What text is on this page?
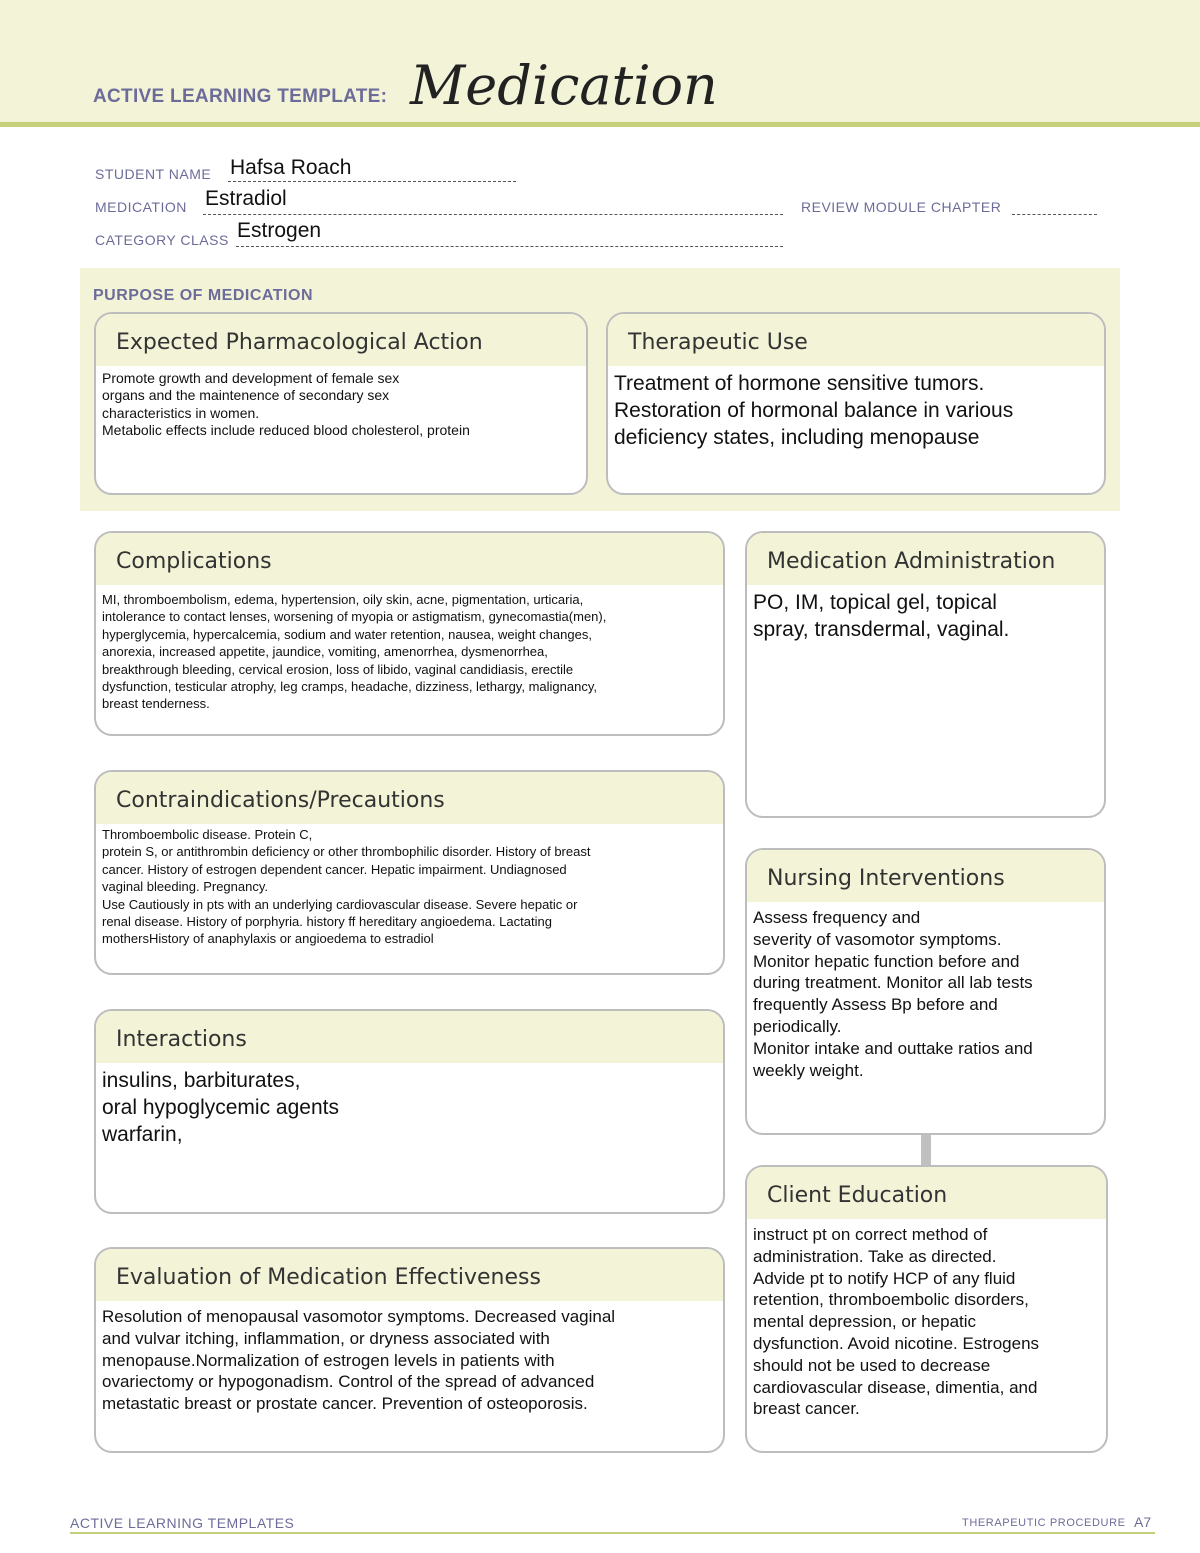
ACTIVE LEARNING TEMPLATE: Medication
STUDENT NAME Hafsa Roach
MEDICATION Estradiol	REVIEW MODULE CHAPTER
CATEGORY CLASS Estrogen
PURPOSE OF MEDICATION
Expected Pharmacological Action
Promote growth and development of female sex
organs and the maintenence of secondary sex
characteristics in women.
Metabolic effects include reduced blood cholesterol, protein
Therapeutic Use
Treatment of hormone sensitive tumors.
Restoration of hormonal balance in various
deficiency states, including menopause
Complications
MI, thromboembolism, edema, hypertension, oily skin, acne, pigmentation, urticaria,
intolerance to contact lenses, worsening of myopia or astigmatism, gynecomastia(men),
hyperglycemia, hypercalcemia, sodium and water retention, nausea, weight changes,
anorexia, increased appetite, jaundice, vomiting, amenorrhea, dysmenorrhea,
breakthrough bleeding, cervical erosion, loss of libido, vaginal candidiasis, erectile
dysfunction, testicular atrophy, leg cramps, headache, dizziness, lethargy, malignancy,
breast tenderness.
Medication Administration
PO, IM, topical gel, topical
spray, transdermal, vaginal.
Contraindications/Precautions
Thromboembolic disease. Protein C,
protein S, or antithrombin deficiency or other thrombophilic disorder. History of breast
cancer. History of estrogen dependent cancer. Hepatic impairment. Undiagnosed
vaginal bleeding. Pregnancy.
Use Cautiously in pts with an underlying cardiovascular disease. Severe hepatic or
renal disease. History of porphyria. history ff hereditary angioedema. Lactating
mothersHistory of anaphylaxis or angioedema to estradiol
Nursing Interventions
Assess frequency and
severity of vasomotor symptoms.
Monitor hepatic function before and
during treatment. Monitor all lab tests
frequently Assess Bp before and
periodically.
Monitor intake and outtake ratios and
weekly weight.
Interactions
insulins, barbiturates,
oral hypoglycemic agents
warfarin,
Client Education
instruct pt on correct method of
administration. Take as directed.
Advide pt to notify HCP of any fluid
retention, thromboembolic disorders,
mental depression, or hepatic
dysfunction. Avoid nicotine. Estrogens
should not be used to decrease
cardiovascular disease, dimentia, and
breast cancer.
Evaluation of Medication Effectiveness
Resolution of menopausal vasomotor symptoms. Decreased vaginal
and vulvar itching, inflammation, or dryness associated with
menopause.Normalization of estrogen levels in patients with
ovariectomy or hypogonadism. Control of the spread of advanced
metastatic breast or prostate cancer. Prevention of osteoporosis.
ACTIVE LEARNING TEMPLATES	THERAPEUTIC PROCEDURE A7
